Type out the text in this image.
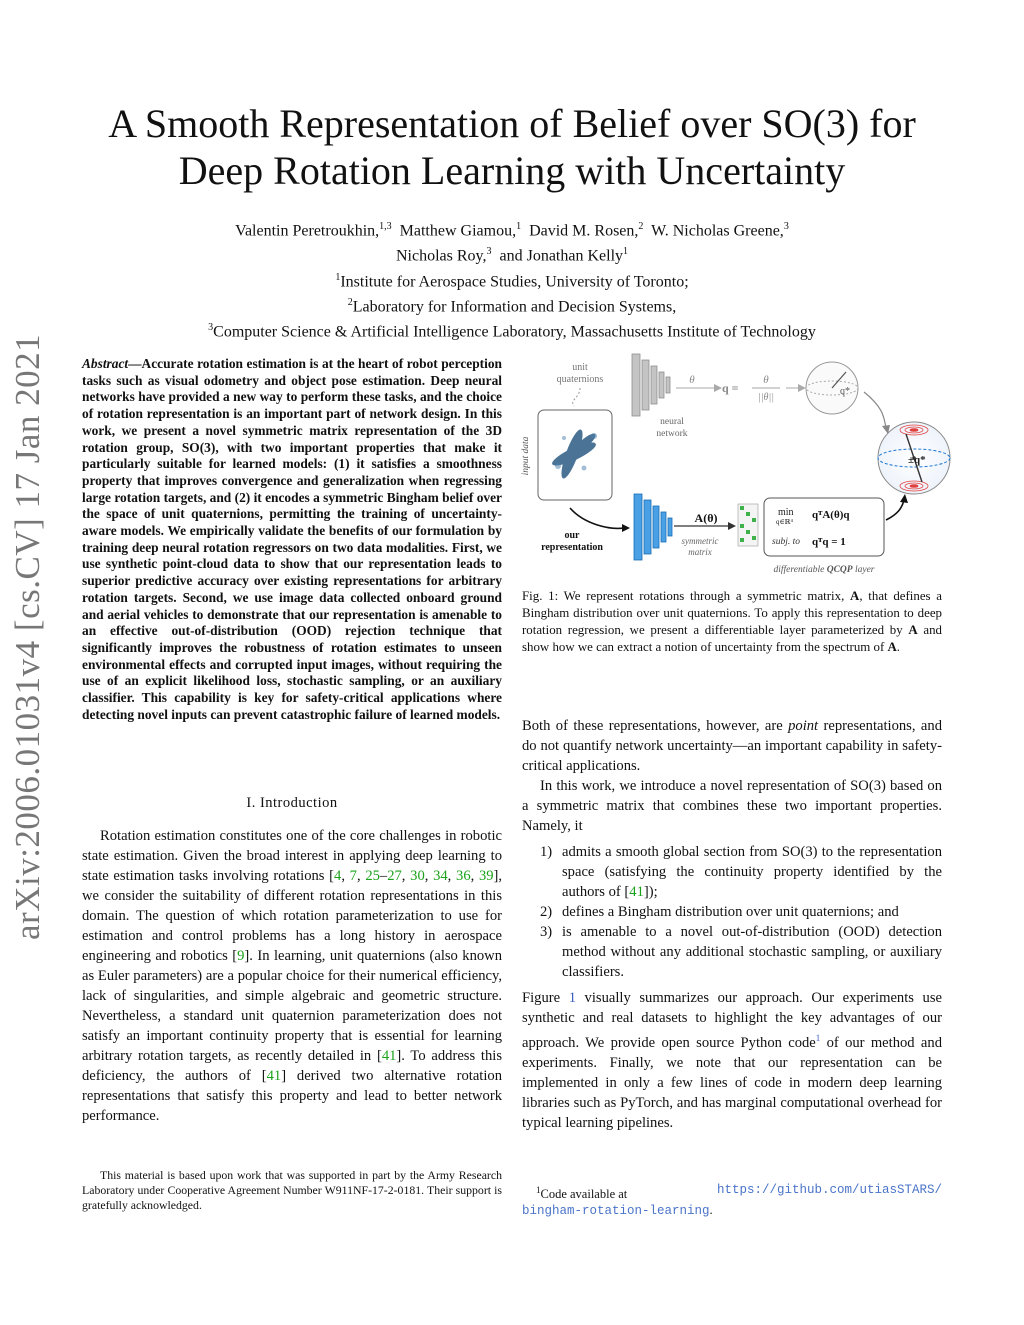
A Smooth Representation of Belief over SO(3) for
Deep Rotation Learning with Uncertainty
Valentin Peretroukhin,$^{1,3}$ Matthew Giamou,$^1$ David M. Rosen,$^2$ W. Nicholas Greene,$^3$
Nicholas Roy,$^3$ and Jonathan Kelly$^1$
$^1$Institute for Aerospace Studies, University of Toronto;
$^2$Laboratory for Information and Decision Systems,
$^3$Computer Science & Artificial Intelligence Laboratory, Massachusetts Institute of Technology
arXiv:2006.01031v4 [cs.CV] 17 Jan 2021	Abstract—Accurate rotation estimation is at the heart of robot perception tasks such as visual odometry and object pose estimation. Deep neural networks have provided a new way to perform these tasks, and the choice of rotation representation is an important part of network design. In this work, we present a novel symmetric matrix representation of the 3D rotation group, SO(3), with two important properties that make it particularly suitable for learned models: (1) it satisfies a smoothness property that improves convergence and generalization when regressing large rotation targets, and (2) it encodes a symmetric Bingham belief over the space of unit quaternions, permitting the training of uncertainty-aware models. We empirically validate the benefits of our formulation by training deep neural rotation regressors on two data modalities. First, we use synthetic point-cloud data to show that our representation leads to superior predictive accuracy over existing representations for arbitrary rotation targets. Second, we use image data collected onboard ground and aerial vehicles to demonstrate that our representation is amenable to an effective out-of-distribution (OOD) rejection technique that significantly improves the robustness of rotation estimates to unseen environmental effects and corrupted input images, without requiring the use of an explicit likelihood loss, stochastic sampling, or an auxiliary classifier. This capability is key for safety-critical applications where detecting novel inputs can prevent catastrophic failure of learned models.
I. Introduction

Rotation estimation constitutes one of the core challenges in robotic state estimation. Given the broad interest in applying deep learning to state estimation tasks involving rotations [4, 7, 25–27, 30, 34, 36, 39], we consider the suitability of different rotation representations in this domain. The question of which rotation parameterization to use for estimation and control problems has a long history in aerospace engineering and robotics [9]. In learning, unit quaternions (also known as Euler parameters) are a popular choice for their numerical efficiency, lack of singularities, and simple algebraic and geometric structure. Nevertheless, a standard unit quaternion parameterization does not satisfy an important continuity property that is essential for learning arbitrary rotation targets, as recently detailed in [41]. To address this deficiency, the authors of [41] derived two alternative rotation representations that satisfy this property and lead to better network performance.

This material is based upon work that was supported in part by the Army Research Laboratory under Cooperative Agreement Number W911NF-17-2-0181. Their support is gratefully acknowledged.

unit
quaternions
neural
network
θ
q =
θ
||θ||
q*
input data	±q*
our
representation
A(θ)
symmetric
matrix
min
q∈ℝ⁴
qᵀA(θ)q
subj. to qᵀq = 1
differentiable QCQP layer
Fig. 1: We represent rotations through a symmetric matrix, A, that defines a Bingham distribution over unit quaternions. To apply this representation to deep rotation regression, we present a differentiable layer parameterized by A and show how we can extract a notion of uncertainty from the spectrum of A.

Both of these representations, however, are point representations, and do not quantify network uncertainty—an important capability in safety-critical applications.

In this work, we introduce a novel representation of SO(3) based on a symmetric matrix that combines these two important properties. Namely, it

1) admits a smooth global section from SO(3) to the representation space (satisfying the continuity property identified by the authors of [41]);
2) defines a Bingham distribution over unit quaternions; and
3) is amenable to a novel out-of-distribution (OOD) detection method without any additional stochastic sampling, or auxiliary classifiers.

Figure 1 visually summarizes our approach. Our experiments use synthetic and real datasets to highlight the key advantages of our approach. We provide open source Python code$^1$ of our method and experiments. Finally, we note that our representation can be implemented in only a few lines of code in modern deep learning libraries such as PyTorch, and has marginal computational overhead for typical learning pipelines.

$^1$Code available at	https://github.com/utiasSTARS/
bingham-rotation-learning.
